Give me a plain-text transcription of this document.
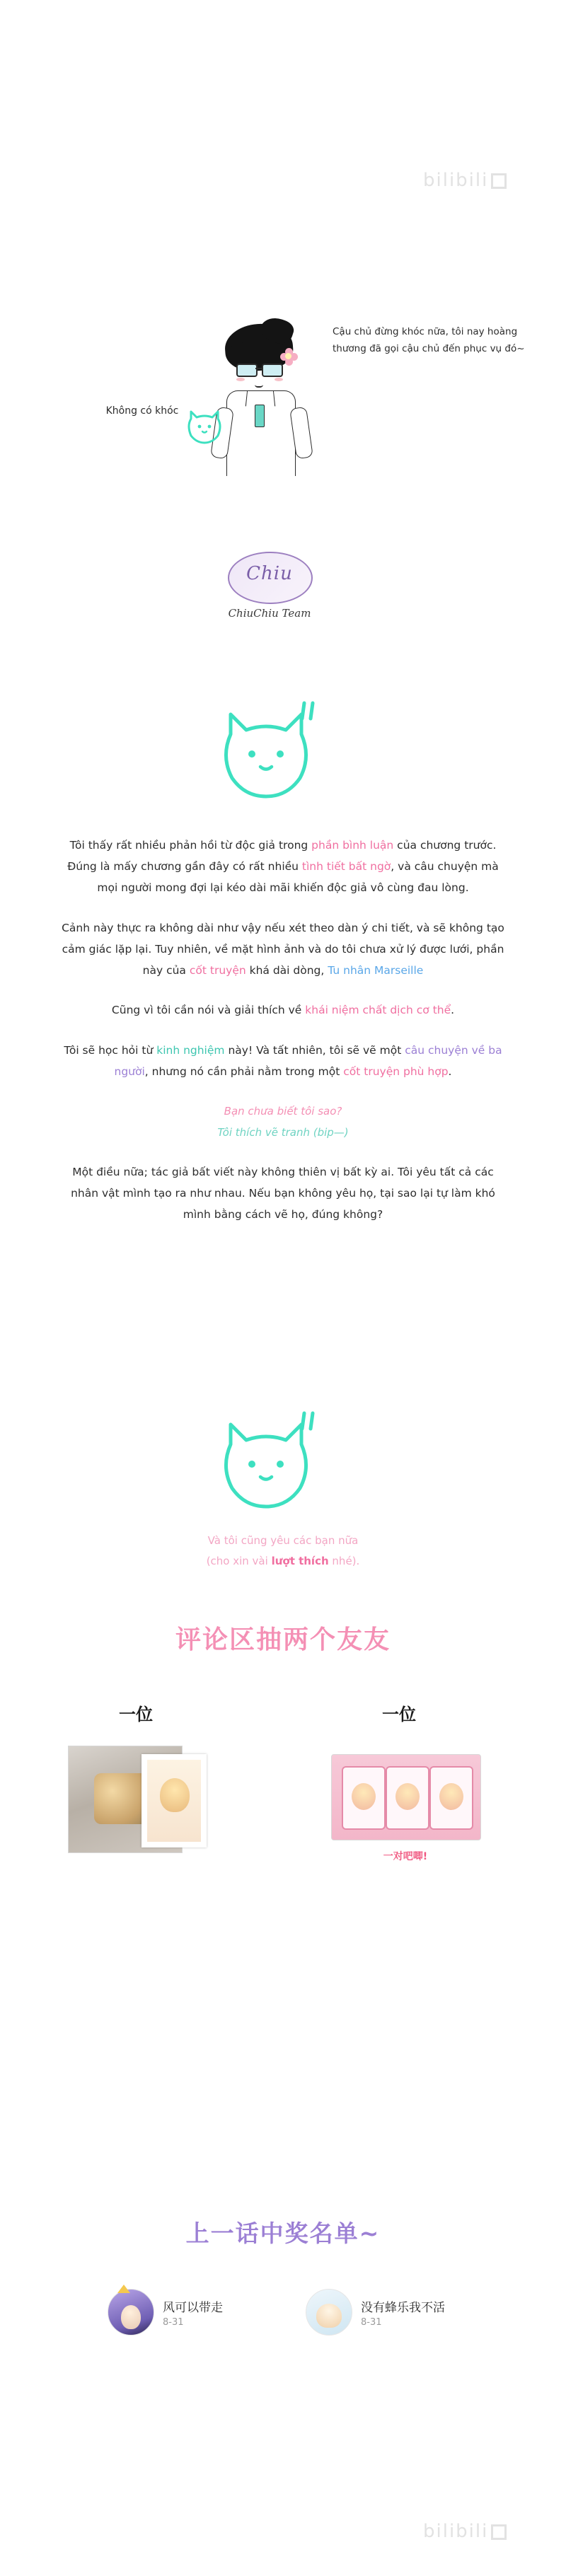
bilibili
Cậu chủ đừng khóc nữa, tôi nay hoàng thương đã gọi cậu chủ đến phục vụ đó~
Không có khóc
Chiu
ChiuChiu Team

Tôi thấy rất nhiều phản hồi từ độc giả trong phần bình luận của chương trước. Đúng là mấy chương gần đây có rất nhiều tình tiết bất ngờ, và câu chuyện mà mọi người mong đợi lại kéo dài mãi khiến độc giả vô cùng đau lòng.

Cảnh này thực ra không dài như vậy nếu xét theo dàn ý chi tiết, và sẽ không tạo cảm giác lặp lại. Tuy nhiên, về mặt hình ảnh và do tôi chưa xử lý được lưới, phần này của cốt truyện khá dài dòng, Tu nhân Marseille

Cũng vì tôi cần nói và giải thích về khái niệm chất dịch cơ thể.

Tôi sẽ học hỏi từ kinh nghiệm này! Và tất nhiên, tôi sẽ vẽ một câu chuyện về ba người, nhưng nó cần phải nằm trong một cốt truyện phù hợp.

Bạn chưa biết tôi sao?
Tôi thích vẽ tranh (bip—)

Một điều nữa; tác giả bất viết này không thiên vị bất kỳ ai. Tôi yêu tất cả các nhân vật mình tạo ra như nhau. Nếu bạn không yêu họ, tại sao lại tự làm khó mình bằng cách vẽ họ, đúng không?

Và tôi cũng yêu các bạn nữa
(cho xin vài lượt thích nhé).
评论区抽两个友友
一位	一位
一对吧唧!
上一话中奖名单~
风可以带走
8-31
没有蜂乐我不活
8-31
bilibili
